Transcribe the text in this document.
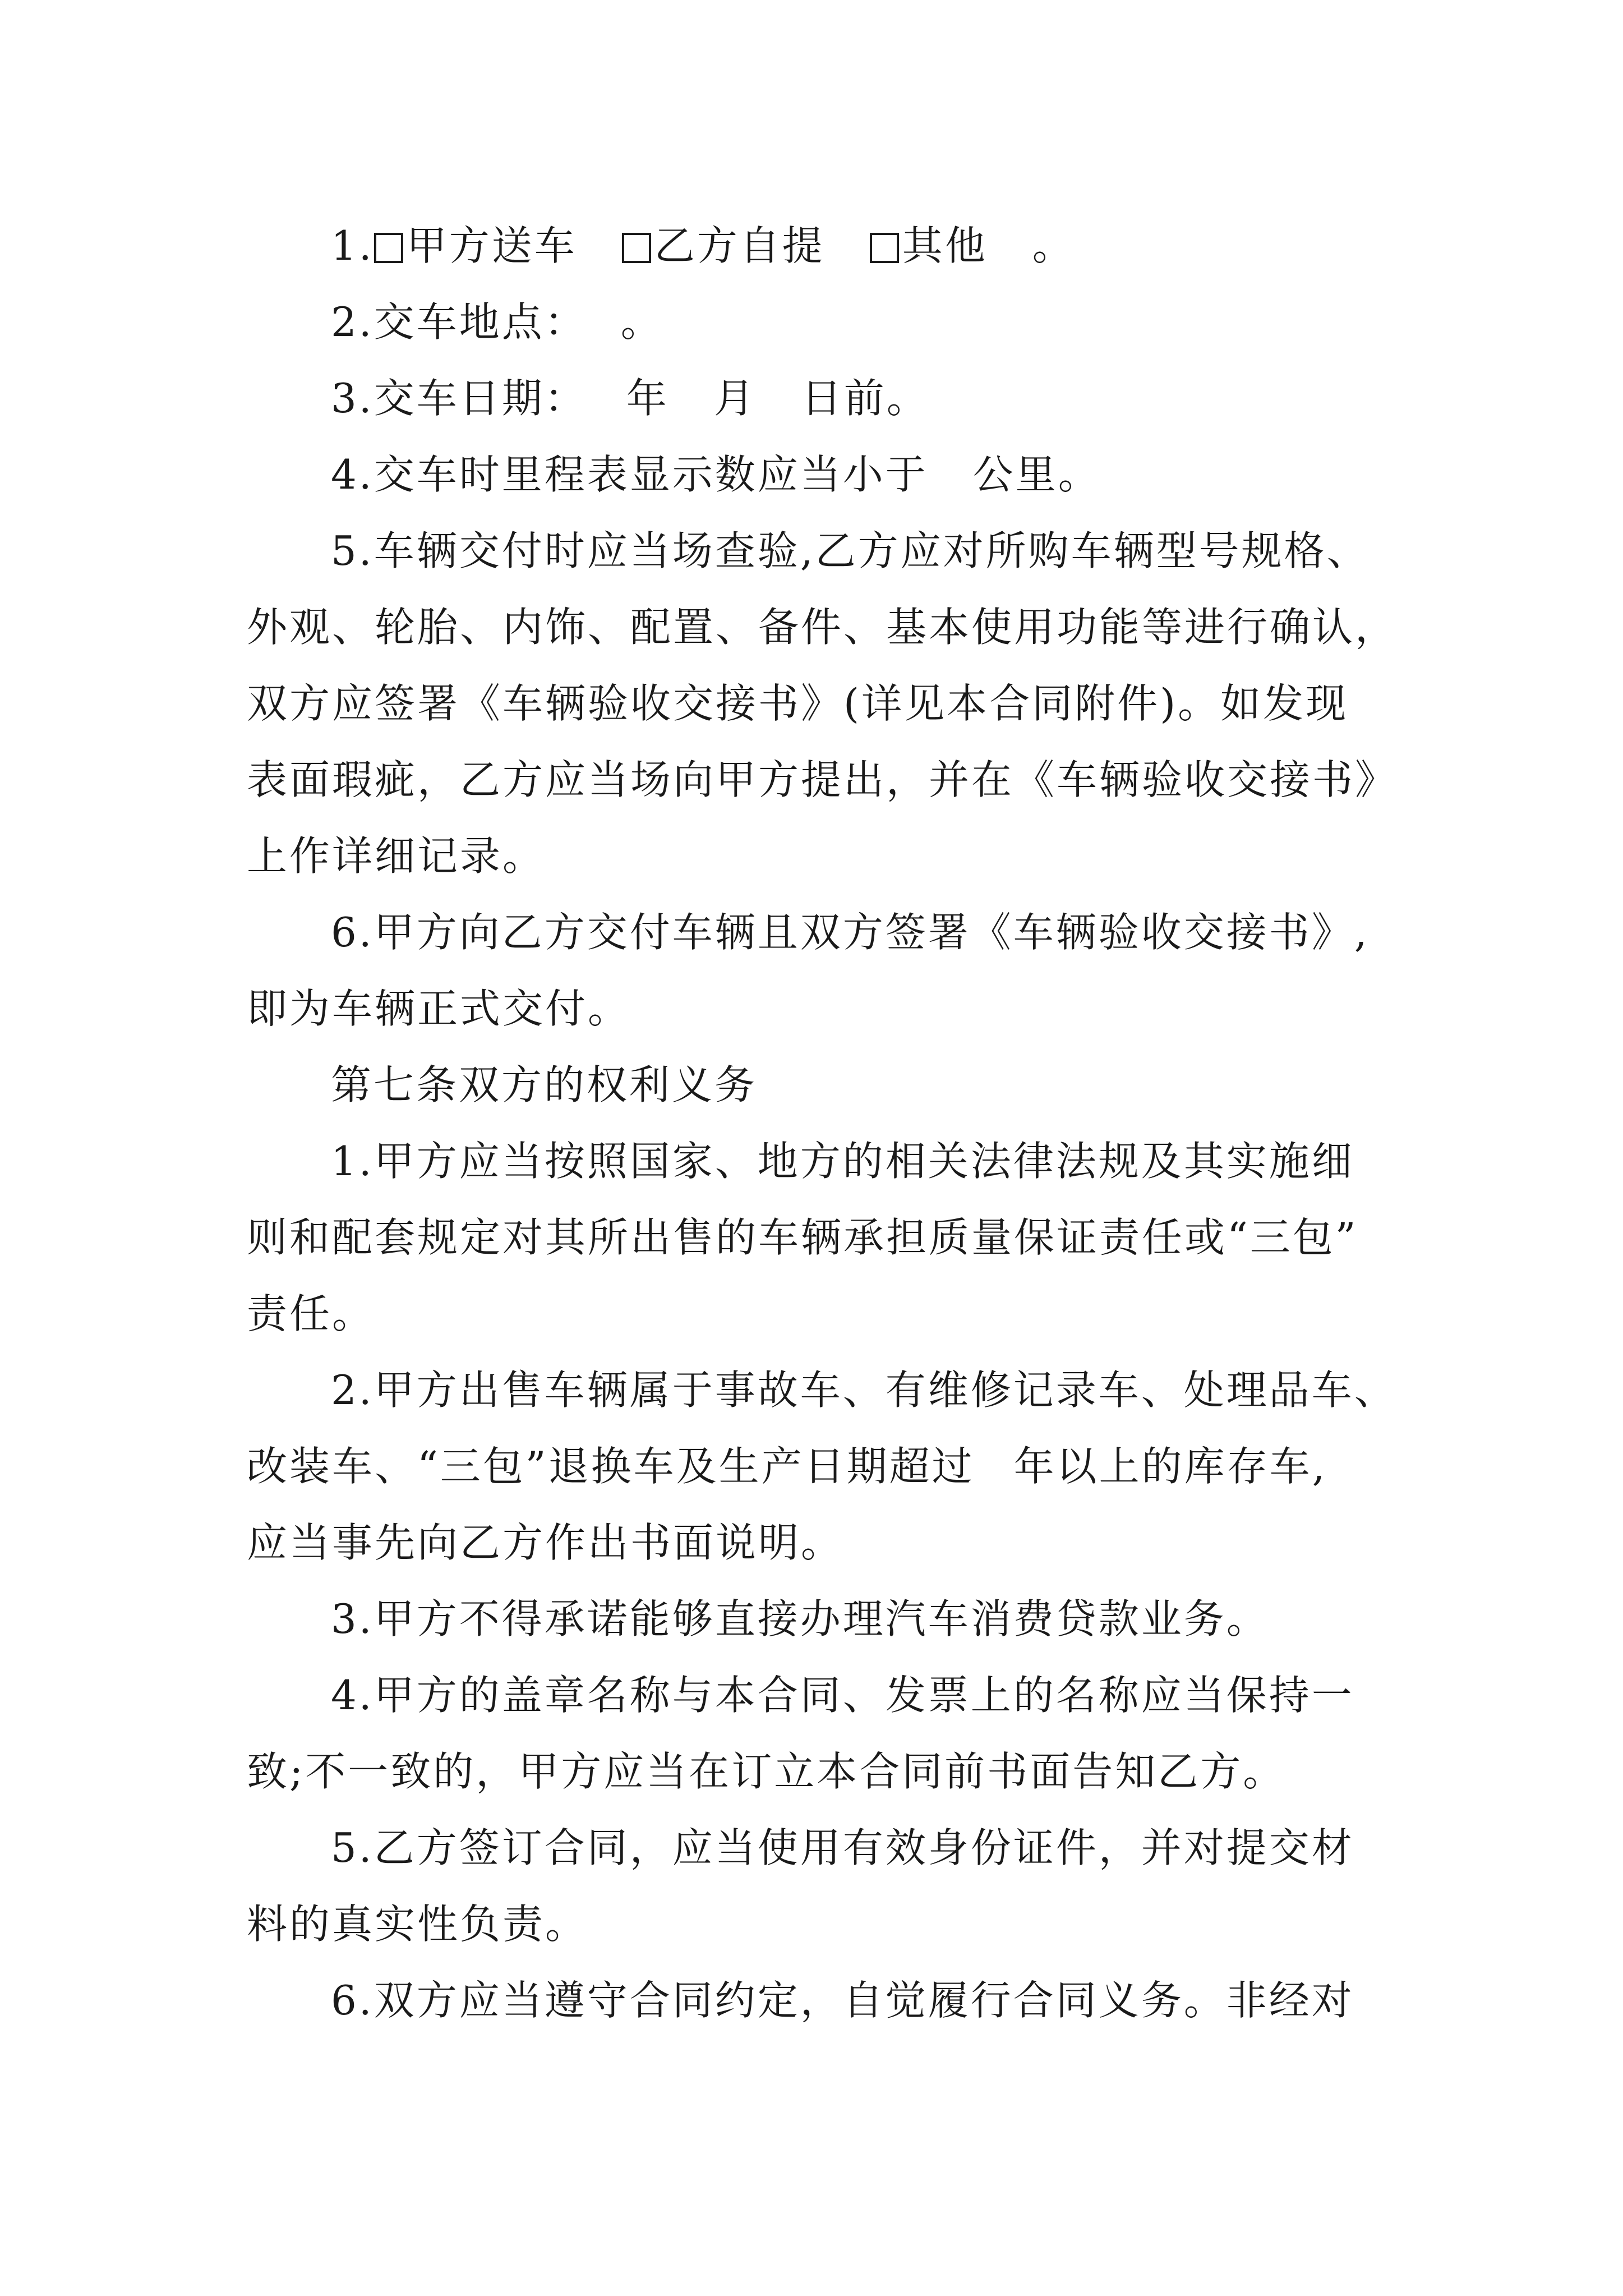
1. 甲方送车 乙方自提 其他 。
2.交车地点： 。
3.交车日期： 年 月 日前。
4.交车时里程表显示数应当小于 公里。
5.车辆交付时应当场查验,乙方应对所购车辆型号规格、
外观、轮胎、内饰、配置、备件、基本使用功能等进行确认，
双方应签署《车辆验收交接书》(详见本合同附件)。如发现
表面瑕疵，乙方应当场向甲方提出，并在《车辆验收交接书》
上作详细记录。
6.甲方向乙方交付车辆且双方签署《车辆验收交接书》,
即为车辆正式交付。
第七条双方的权利义务
1.甲方应当按照国家、地方的相关法律法规及其实施细
则和配套规定对其所出售的车辆承担质量保证责任或“三包”
责任。
2.甲方出售车辆属于事故车、有维修记录车、处理品车、
改装车、“三包”退换车及生产日期超过 年以上的库存车,
应当事先向乙方作出书面说明。
3.甲方不得承诺能够直接办理汽车消费贷款业务。
4.甲方的盖章名称与本合同、发票上的名称应当保持一
致;不一致的，甲方应当在订立本合同前书面告知乙方。
5.乙方签订合同，应当使用有效身份证件，并对提交材
料的真实性负责。
6.双方应当遵守合同约定，自觉履行合同义务。非经对
